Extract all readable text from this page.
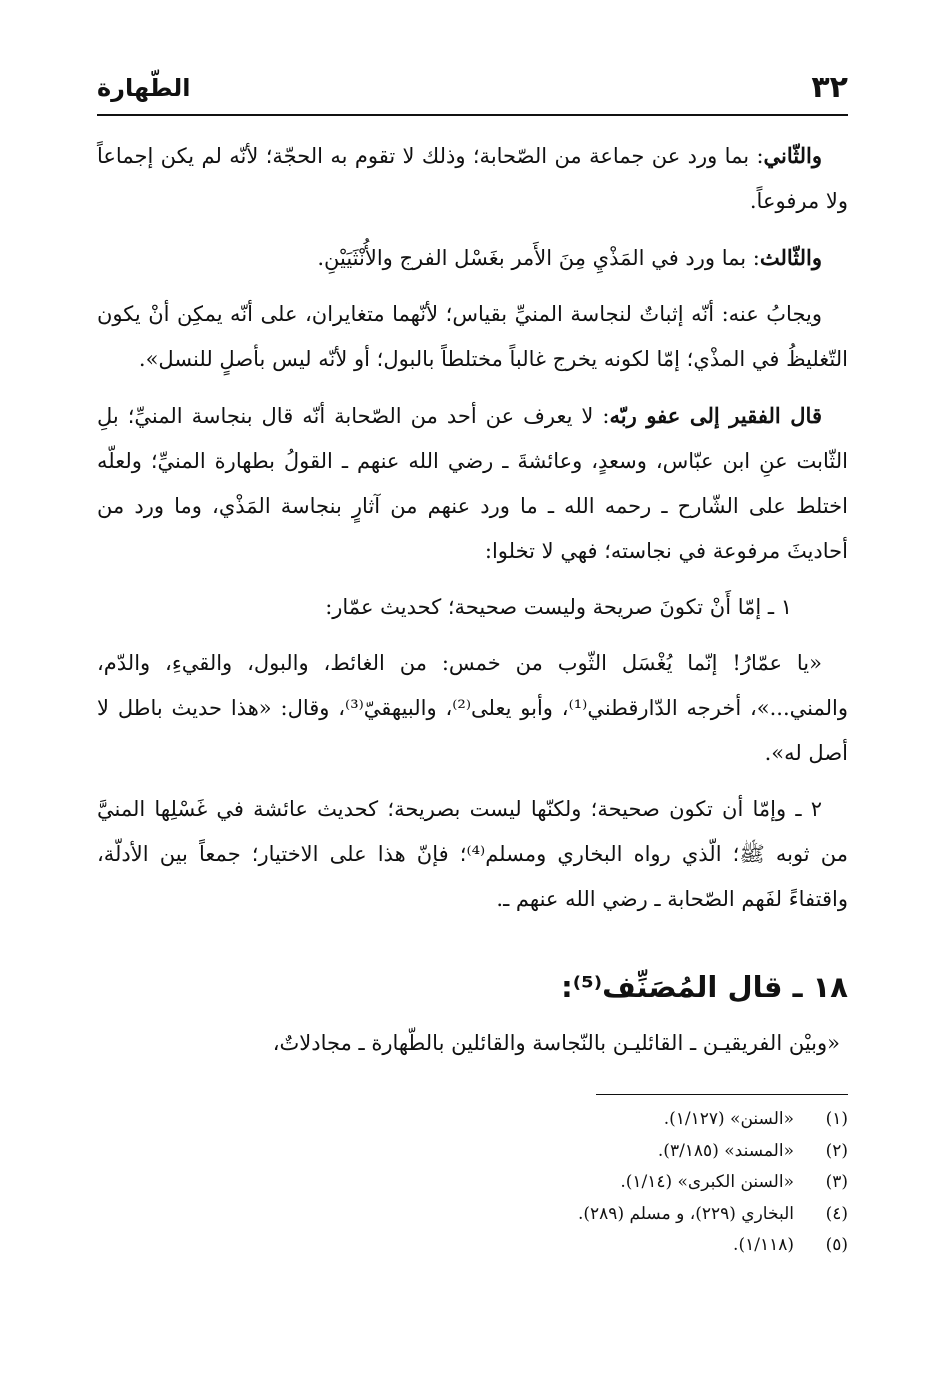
٣٢
الطّهارة

والثّاني: بما ورد عن جماعة من الصّحابة؛ وذلك لا تقوم به الحجّة؛ لأنّه لم يكن إجماعاً ولا مرفوعاً.

والثّالث: بما ورد في المَذْيِ مِنَ الأَمر بغَسْل الفرج والأُنْثَيَيْنِ.

ويجابُ عنه: أنّه إثباتٌ لنجاسة المنيِّ بقياس؛ لأنّهما متغايران، على أنّه يمكِن أنْ يكون التّغليظُ في المذْي؛ إمّا لكونه يخرج غالباً مختلطاً بالبول؛ أو لأنّه ليس بأصلٍ للنسل».

قال الفقير إلى عفو ربّه: لا يعرف عن أحد من الصّحابة أنّه قال بنجاسة المنيِّ؛ بلِ الثّابت عنِ ابن عبّاس، وسعدٍ، وعائشةَ ـ رضي الله عنهم ـ القولُ بطهارة المنيِّ؛ ولعلّه اختلط على الشّارح ـ رحمه الله ـ ما ورد عنهم من آثارٍ بنجاسة المَذْي، وما ورد من أحاديثَ مرفوعة في نجاسته؛ فهي لا تخلوا:

١ ـ إمّا أَنْ تكونَ صريحة وليست صحيحة؛ كحديث عمّار:

«يا عمّارُ! إنّما يُغْسَل الثّوب من خمس: من الغائط، والبول، والقيءِ، والدّم، والمني...»، أخرجه الدّارقطني⁽¹⁾، وأبو يعلى⁽²⁾، والبيهقيّ⁽³⁾، وقال: «هذا حديث باطل لا أصل له».

٢ ـ وإمّا أن تكون صحيحة؛ ولكنّها ليست بصريحة؛ كحديث عائشة في غَسْلِها المنيَّ من ثوبه ﷺ؛ الّذي رواه البخاري ومسلم⁽⁴⁾؛ فإنّ هذا على الاختيار؛ جمعاً بين الأدلّة، واقتفاءً لفَهم الصّحابة ـ رضي الله عنهم ـ.

١٨ ـ قال المُصَنِّف⁽⁵⁾:
«وبيْن الفريقيـن ـ القائليـن بالنّجاسة والقائلين بالطّهارة ـ مجادلاتٌ،
(١)«السنن» (١/١٢٧).
(٢)«المسند» (٣/١٨٥).
(٣)«السنن الكبرى» (١/١٤).
(٤)البخاري (٢٢٩)، و مسلم (٢٨٩).
(٥)(١/١١٨).
